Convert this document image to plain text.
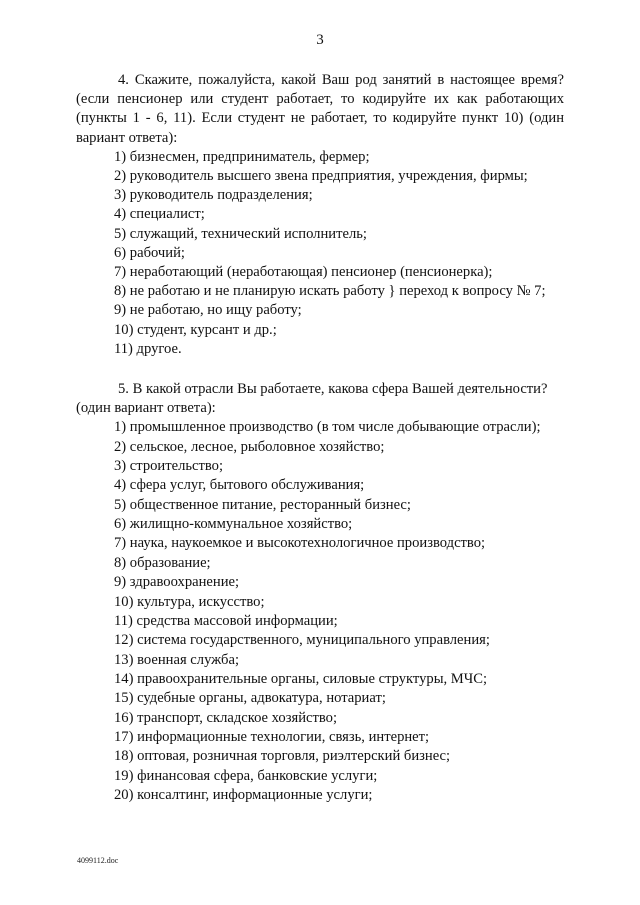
3

4. Скажите, пожалуйста, какой Ваш род занятий в настоящее время? (если пенсионер или студент работает, то кодируйте их как работающих (пункты 1 - 6, 11). Если студент не работает, то кодируйте пункт 10) (один вариант ответа):

1) бизнесмен, предприниматель, фермер;
2) руководитель высшего звена предприятия, учреждения, фирмы;
3) руководитель подразделения;
4) специалист;
5) служащий, технический исполнитель;
6) рабочий;
7) неработающий (неработающая) пенсионер (пенсионерка);
8) не работаю и не планирую искать работу } переход к вопросу № 7;
9) не работаю, но ищу работу;
10) студент, курсант и др.;
11) другое.

5. В какой отрасли Вы работаете, какова сфера Вашей деятельности?

(один вариант ответа):

1) промышленное производство (в том числе добывающие отрасли);
2) сельское, лесное, рыболовное хозяйство;
3) строительство;
4) сфера услуг, бытового обслуживания;
5) общественное питание, ресторанный бизнес;
6) жилищно-коммунальное хозяйство;
7) наука, наукоемкое и высокотехнологичное производство;
8) образование;
9) здравоохранение;
10) культура, искусство;
11) средства массовой информации;
12) система государственного, муниципального управления;
13) военная служба;
14) правоохранительные органы, силовые структуры, МЧС;
15) судебные органы, адвокатура, нотариат;
16) транспорт, складское хозяйство;
17) информационные технологии, связь, интернет;
18) оптовая, розничная торговля, риэлтерский бизнес;
19) финансовая сфера, банковские услуги;
20) консалтинг, информационные услуги;
4099112.doc
